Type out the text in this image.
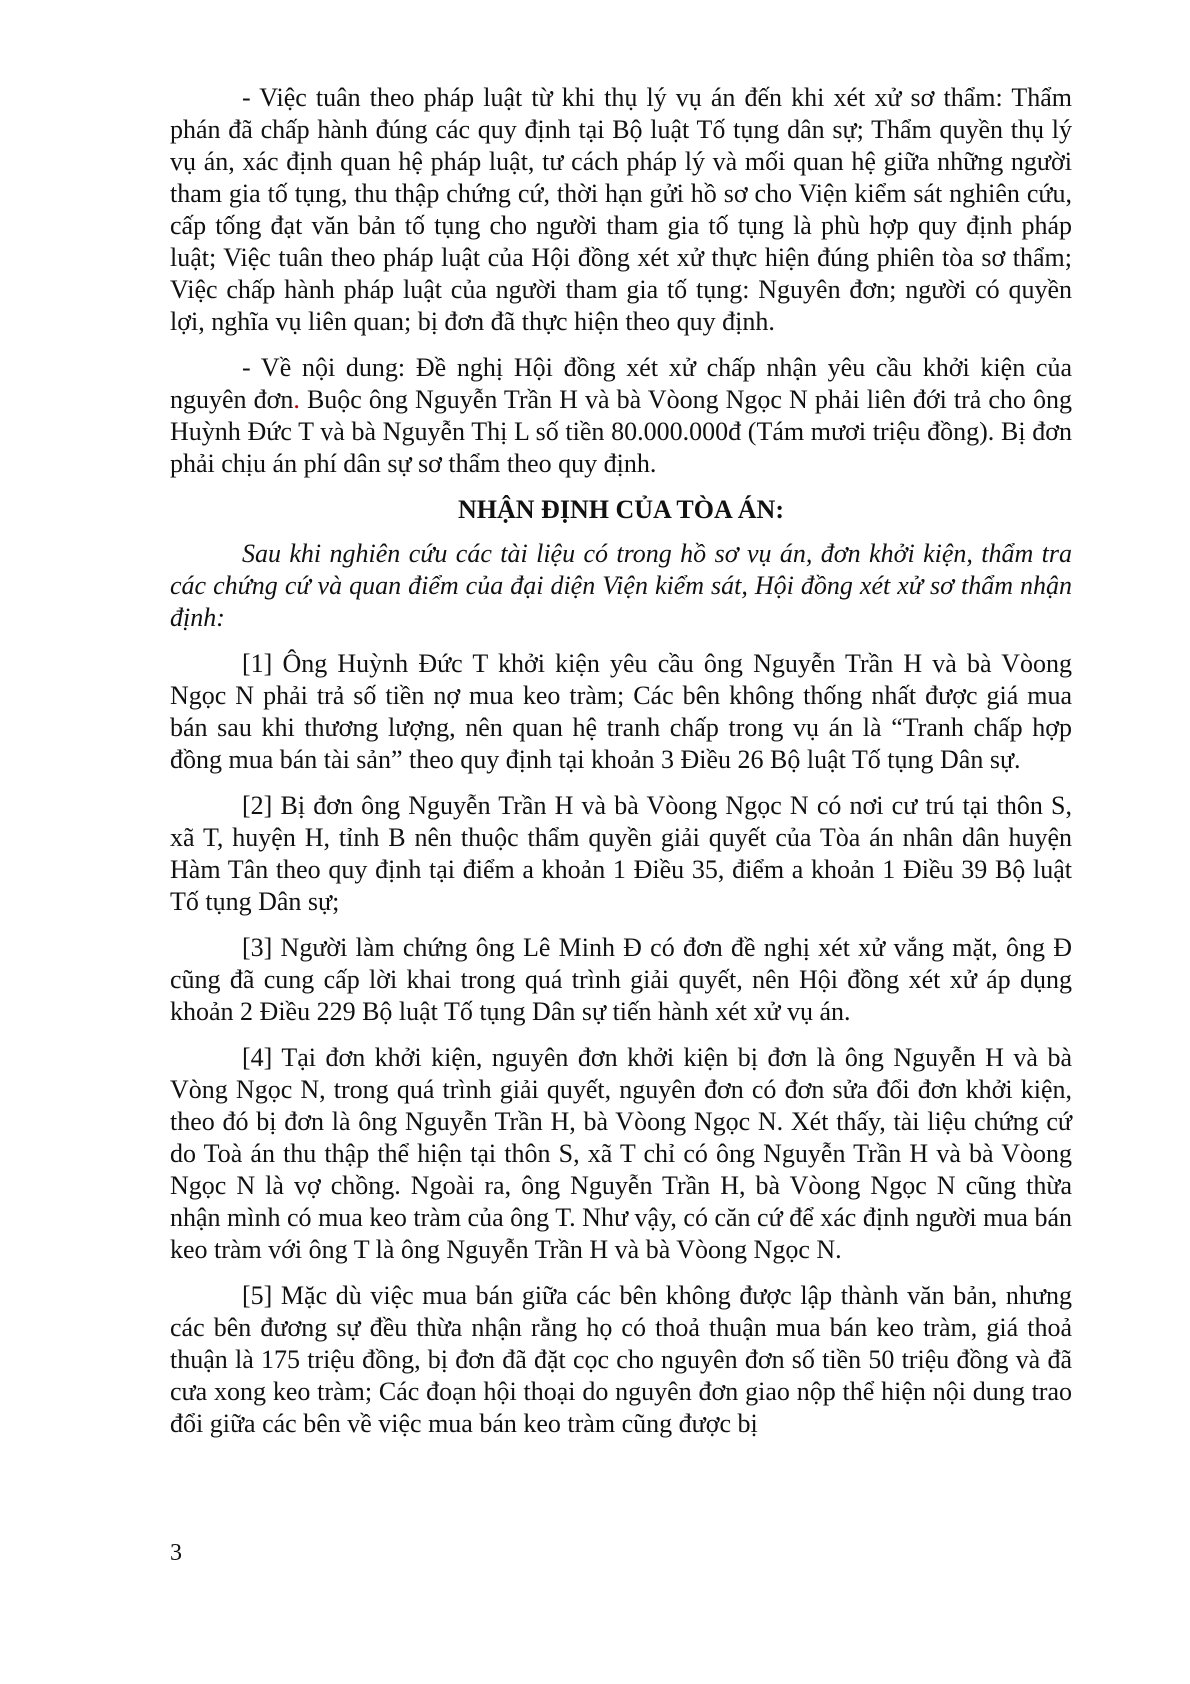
- Việc tuân theo pháp luật từ khi thụ lý vụ án đến khi xét xử sơ thẩm: Thẩm phán đã chấp hành đúng các quy định tại Bộ luật Tố tụng dân sự; Thẩm quyền thụ lý vụ án, xác định quan hệ pháp luật, tư cách pháp lý và mối quan hệ giữa những người tham gia tố tụng, thu thập chứng cứ, thời hạn gửi hồ sơ cho Viện kiểm sát nghiên cứu, cấp tống đạt văn bản tố tụng cho người tham gia tố tụng là phù hợp quy định pháp luật; Việc tuân theo pháp luật của Hội đồng xét xử thực hiện đúng phiên tòa sơ thẩm; Việc chấp hành pháp luật của người tham gia tố tụng: Nguyên đơn; người có quyền lợi, nghĩa vụ liên quan; bị đơn đã thực hiện theo quy định.

- Về nội dung: Đề nghị Hội đồng xét xử chấp nhận yêu cầu khởi kiện của nguyên đơn. Buộc ông Nguyễn Trần H và bà Vòong Ngọc N phải liên đới trả cho ông Huỳnh Đức T và bà Nguyễn Thị L số tiền 80.000.000đ (Tám mươi triệu đồng). Bị đơn phải chịu án phí dân sự sơ thẩm theo quy định.

NHẬN ĐỊNH CỦA TÒA ÁN:

Sau khi nghiên cứu các tài liệu có trong hồ sơ vụ án, đơn khởi kiện, thẩm tra các chứng cứ và quan điểm của đại diện Viện kiểm sát, Hội đồng xét xử sơ thẩm nhận định:

[1] Ông Huỳnh Đức T khởi kiện yêu cầu ông Nguyễn Trần H và bà Vòong Ngọc N phải trả số tiền nợ mua keo tràm; Các bên không thống nhất được giá mua bán sau khi thương lượng, nên quan hệ tranh chấp trong vụ án là “Tranh chấp hợp đồng mua bán tài sản” theo quy định tại khoản 3 Điều 26 Bộ luật Tố tụng Dân sự.

[2] Bị đơn ông Nguyễn Trần H và bà Vòong Ngọc N có nơi cư trú tại thôn S, xã T, huyện H, tỉnh B nên thuộc thẩm quyền giải quyết của Tòa án nhân dân huyện Hàm Tân theo quy định tại điểm a khoản 1 Điều 35, điểm a khoản 1 Điều 39 Bộ luật Tố tụng Dân sự;

[3] Người làm chứng ông Lê Minh Đ có đơn đề nghị xét xử vắng mặt, ông Đ cũng đã cung cấp lời khai trong quá trình giải quyết, nên Hội đồng xét xử áp dụng khoản 2 Điều 229 Bộ luật Tố tụng Dân sự tiến hành xét xử vụ án.

[4] Tại đơn khởi kiện, nguyên đơn khởi kiện bị đơn là ông Nguyễn H và bà Vòng Ngọc N, trong quá trình giải quyết, nguyên đơn có đơn sửa đổi đơn khởi kiện, theo đó bị đơn là ông Nguyễn Trần H, bà Vòong Ngọc N. Xét thấy, tài liệu chứng cứ do Toà án thu thập thể hiện tại thôn S, xã T chỉ có ông Nguyễn Trần H và bà Vòong Ngọc N là vợ chồng. Ngoài ra, ông Nguyễn Trần H, bà Vòong Ngọc N cũng thừa nhận mình có mua keo tràm của ông T. Như vậy, có căn cứ để xác định người mua bán keo tràm với ông T là ông Nguyễn Trần H và bà Vòong Ngọc N.

[5] Mặc dù việc mua bán giữa các bên không được lập thành văn bản, nhưng các bên đương sự đều thừa nhận rằng họ có thoả thuận mua bán keo tràm, giá thoả thuận là 175 triệu đồng, bị đơn đã đặt cọc cho nguyên đơn số tiền 50 triệu đồng và đã cưa xong keo tràm; Các đoạn hội thoại do nguyên đơn giao nộp thể hiện nội dung trao đổi giữa các bên về việc mua bán keo tràm cũng được bị

3
